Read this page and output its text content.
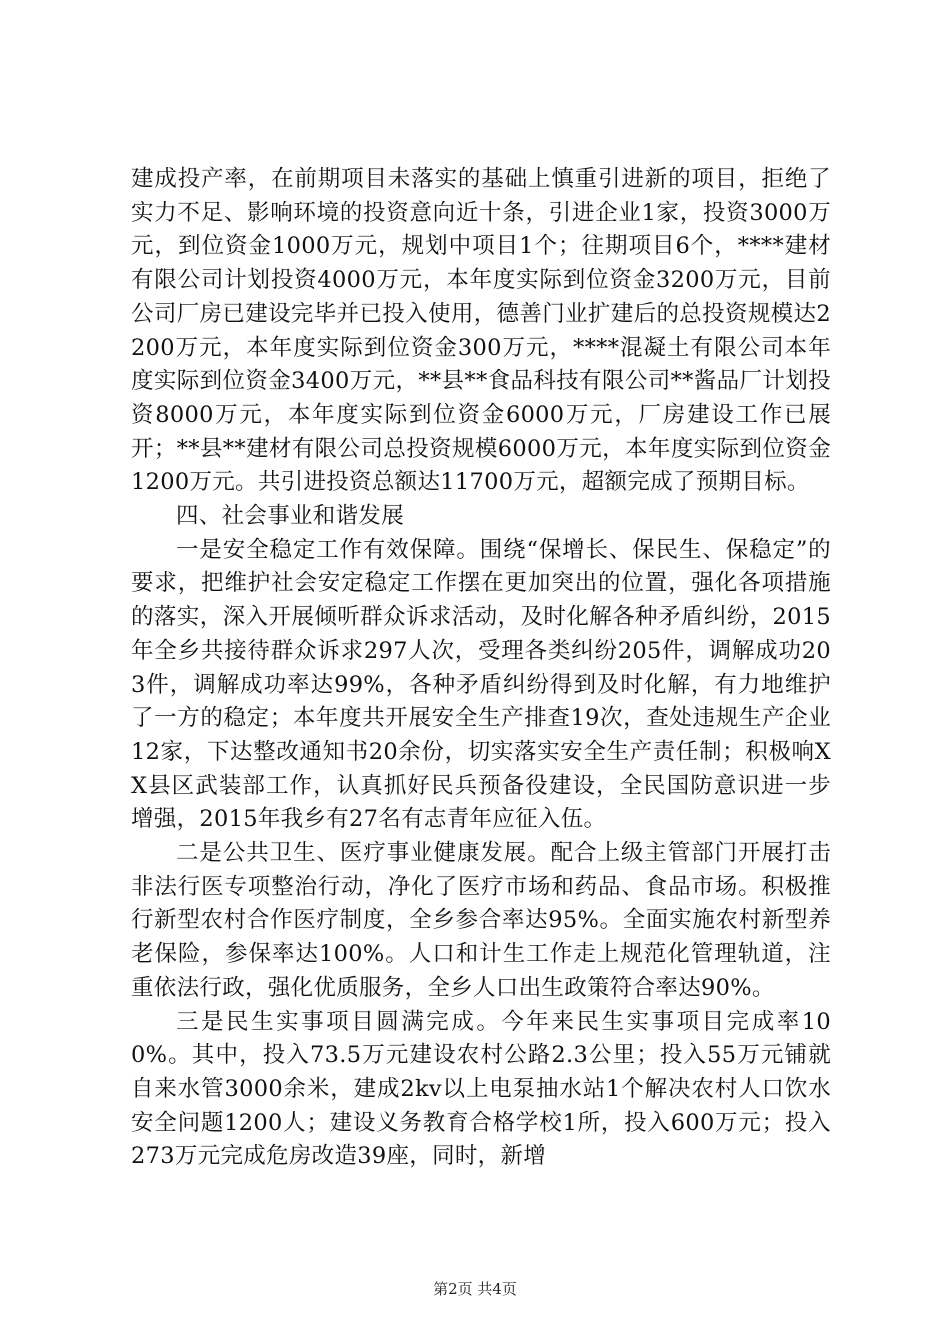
建成投产率，在前期项目未落实的基础上慎重引进新的项目，拒绝了实力不足、影响环境的投资意向近十条，引进企业1家，投资3000万元，到位资金1000万元，规划中项目1个；往期项目6个，****建材有限公司计划投资4000万元，本年度实际到位资金3200万元，目前公司厂房已建设完毕并已投入使用，德善门业扩建后的总投资规模达2200万元，本年度实际到位资金300万元，****混凝土有限公司本年度实际到位资金3400万元，**县**食品科技有限公司**酱品厂计划投资8000万元，本年度实际到位资金6000万元，厂房建设工作已展开；**县**建材有限公司总投资规模6000万元，本年度实际到位资金1200万元。共引进投资总额达11700万元，超额完成了预期目标。

四、社会事业和谐发展

一是安全稳定工作有效保障。围绕“保增长、保民生、保稳定”的要求，把维护社会安定稳定工作摆在更加突出的位置，强化各项措施的落实，深入开展倾听群众诉求活动，及时化解各种矛盾纠纷，2015年全乡共接待群众诉求297人次，受理各类纠纷205件，调解成功203件，调解成功率达99%，各种矛盾纠纷得到及时化解，有力地维护了一方的稳定；本年度共开展安全生产排查19次，查处违规生产企业12家，下达整改通知书20余份，切实落实安全生产责任制；积极响XX县区武装部工作，认真抓好民兵预备役建设，全民国防意识进一步增强，2015年我乡有27名有志青年应征入伍。

二是公共卫生、医疗事业健康发展。配合上级主管部门开展打击非法行医专项整治行动，净化了医疗市场和药品、食品市场。积极推行新型农村合作医疗制度，全乡参合率达95%。全面实施农村新型养老保险，参保率达100%。人口和计生工作走上规范化管理轨道，注重依法行政，强化优质服务，全乡人口出生政策符合率达90%。

三是民生实事项目圆满完成。今年来民生实事项目完成率100%。其中，投入73.5万元建设农村公路2.3公里；投入55万元铺就自来水管3000余米，建成2kv以上电泵抽水站1个解决农村人口饮水安全问题1200人；建设义务教育合格学校1所，投入600万元；投入273万元完成危房改造39座，同时，新增

第2页 共4页
